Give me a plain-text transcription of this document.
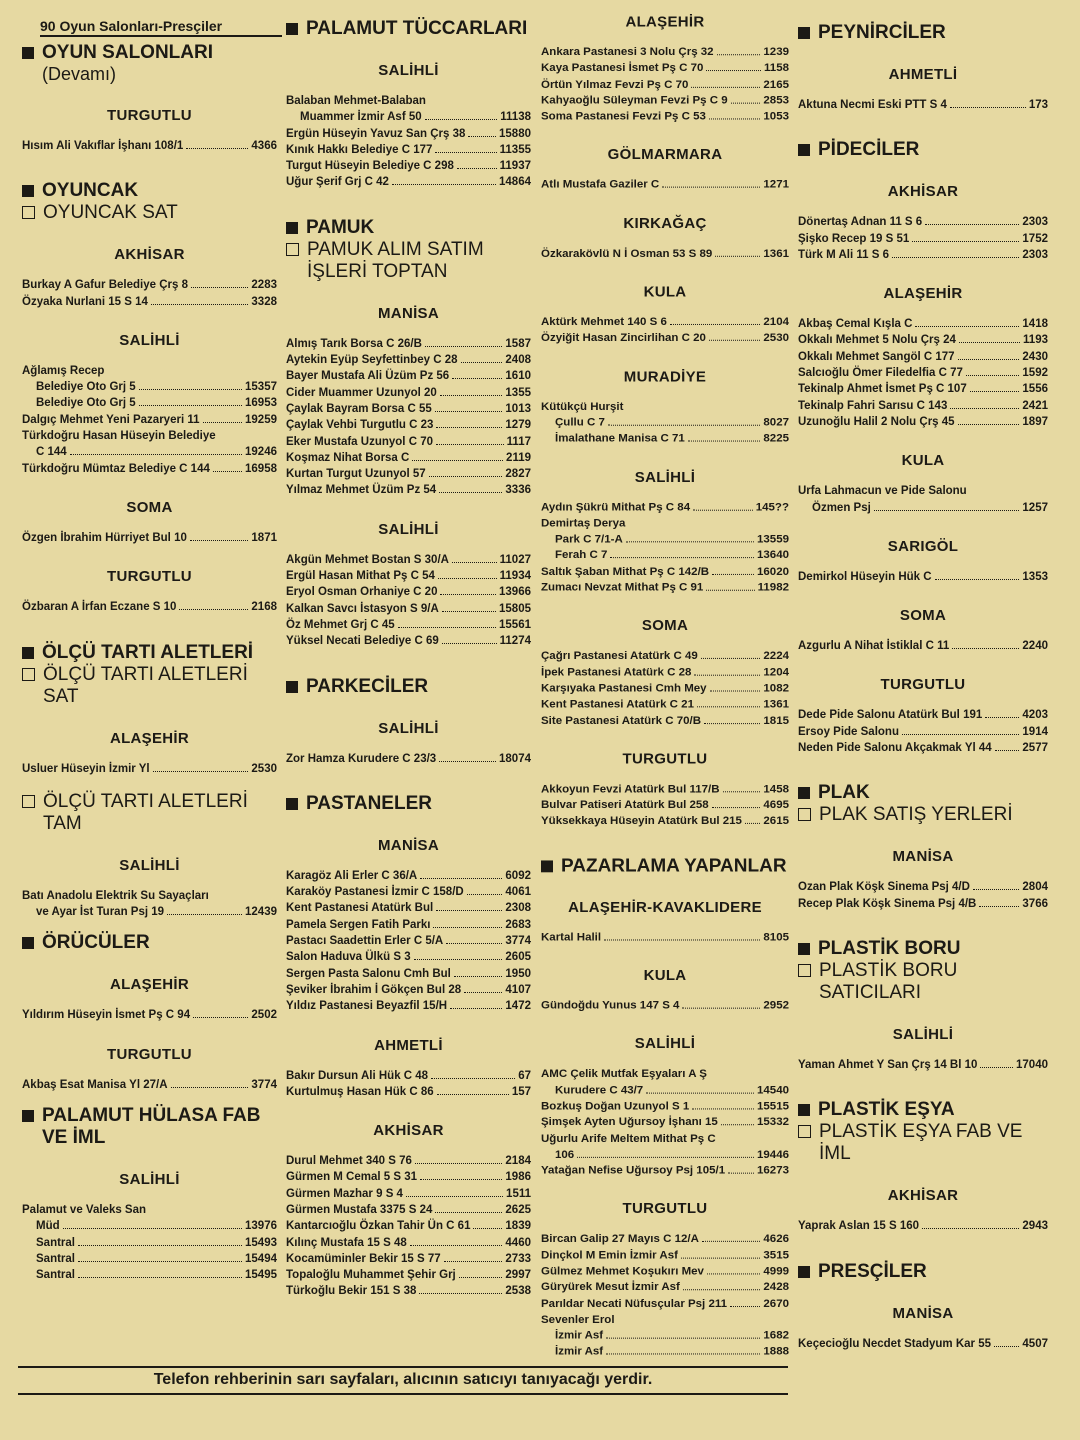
90 Oyun Salonları-Presçiler
OYUN SALONLARI
(Devamı)
TURGUTLU
Hısım Ali Vakıflar İşhanı 108/1	4366
OYUNCAK
OYUNCAK SAT
AKHİSAR
Burkay A Gafur Belediye Çrş 8	2283
Özyaka Nurlani 15 S 14	3328
SALİHLİ
Ağlamış Recep
Belediye Oto Grj 5	15357
Belediye Oto Grj 5	16953
Dalgıç Mehmet Yeni Pazaryeri 11	19259
Türkdoğru Hasan Hüseyin Belediye
C 144	19246
Türkdoğru Mümtaz Belediye C 144	16958
SOMA
Özgen İbrahim Hürriyet Bul 10	1871
TURGUTLU
Özbaran A İrfan Eczane S 10	2168
ÖLÇÜ TARTI ALETLERİ
ÖLÇÜ TARTI ALETLERİ SAT
ALAŞEHİR
Usluer Hüseyin İzmir Yl	2530
ÖLÇÜ TARTI ALETLERİ TAM
SALİHLİ
Batı Anadolu Elektrik Su Sayaçları
ve Ayar İst Turan Psj 19	12439
ÖRÜCÜLER
ALAŞEHİR
Yıldırım Hüseyin İsmet Pş C 94	2502
TURGUTLU
Akbaş Esat Manisa Yl 27/A	3774
PALAMUT HÜLASA FAB VE İML
SALİHLİ
Palamut ve Valeks San
Müd	13976
Santral	15493
Santral	15494
Santral	15495
PALAMUT TÜCCARLARI
SALİHLİ
Balaban Mehmet-Balaban
Muammer İzmir Asf 50	11138
Ergün Hüseyin Yavuz San Çrş 38	15880
Kınık Hakkı Belediye C 177	11355
Turgut Hüseyin Belediye C 298	11937
Uğur Şerif Grj C 42	14864
PAMUK
PAMUK ALIM SATIM İŞLERİ TOPTAN
MANİSA
Almış Tarık Borsa C 26/B	1587
Aytekin Eyüp Seyfettinbey C 28	2408
Bayer Mustafa Ali Üzüm Pz 56	1610
Cider Muammer Uzunyol 20	1355
Çaylak Bayram Borsa C 55	1013
Çaylak Vehbi Turgutlu C 23	1279
Eker Mustafa Uzunyol C 70	1117
Koşmaz Nihat Borsa C	2119
Kurtan Turgut Uzunyol 57	2827
Yılmaz Mehmet Üzüm Pz 54	3336
SALİHLİ
Akgün Mehmet Bostan S 30/A	11027
Ergül Hasan Mithat Pş C 54	11934
Eryol Osman Orhaniye C 20	13966
Kalkan Savcı İstasyon S 9/A	15805
Öz Mehmet Grj C 45	15561
Yüksel Necati Belediye C 69	11274
PARKECİLER
SALİHLİ
Zor Hamza Kurudere C 23/3	18074
PASTANELER
MANİSA
Karagöz Ali Erler C 36/A	6092
Karaköy Pastanesi İzmir C 158/D	4061
Kent Pastanesi Atatürk Bul	2308
Pamela Sergen Fatih Parkı	2683
Pastacı Saadettin Erler C 5/A	3774
Salon Haduva Ülkü S 3	2605
Sergen Pasta Salonu Cmh Bul	1950
Şeviker İbrahim İ Gökçen Bul 28	4107
Yıldız Pastanesi Beyazfil 15/H	1472
AHMETLİ
Bakır Dursun Ali Hük C 48	67
Kurtulmuş Hasan Hük C 86	157
AKHİSAR
Durul Mehmet 340 S 76	2184
Gürmen M Cemal 5 S 31	1986
Gürmen Mazhar 9 S 4	1511
Gürmen Mustafa 3375 S 24	2625
Kantarcıoğlu Özkan Tahir Ün C 61	1839
Kılınç Mustafa 15 S 48	4460
Kocamüminler Bekir 15 S 77	2733
Topaloğlu Muhammet Şehir Grj	2997
Türkoğlu Bekir 151 S 38	2538
ALAŞEHİR
Ankara Pastanesi 3 Nolu Çrş 32	1239
Kaya Pastanesi İsmet Pş C 70	1158
Örtün Yılmaz Fevzi Pş C 70	2165
Kahyaoğlu Süleyman Fevzi Pş C 9	2853
Soma Pastanesi Fevzi Pş C 53	1053
GÖLMARMARA
Atlı Mustafa Gaziler C	1271
KIRKAĞAÇ
Özkarakövlü N İ Osman 53 S 89	1361
KULA
Aktürk Mehmet 140 S 6	2104
Özyiğit Hasan Zincirlihan C 20	2530
MURADİYE
Kütükçü Hurşit
Çullu C 7	8027
İmalathane Manisa C 71	8225
SALİHLİ
Aydın Şükrü Mithat Pş C 84	145??
Demirtaş Derya
Park C 7/1-A	13559
Ferah C 7	13640
Saltık Şaban Mithat Pş C 142/B	16020
Zumacı Nevzat Mithat Pş C 91	11982
SOMA
Çağrı Pastanesi Atatürk C 49	2224
İpek Pastanesi Atatürk C 28	1204
Karşıyaka Pastanesi Cmh Mey	1082
Kent Pastanesi Atatürk C 21	1361
Site Pastanesi Atatürk C 70/B	1815
TURGUTLU
Akkoyun Fevzi Atatürk Bul 117/B	1458
Bulvar Patiseri Atatürk Bul 258	4695
Yüksekkaya Hüseyin Atatürk Bul 215 2615
PAZARLAMA YAPANLAR
ALAŞEHİR-KAVAKLIDERE
Kartal Halil	8105
KULA
Gündoğdu Yunus 147 S 4	2952
SALİHLİ
AMC Çelik Mutfak Eşyaları A Ş
Kurudere C 43/7	14540
Bozkuş Doğan Uzunyol S 1	15515
Şimşek Ayten Uğursoy İşhanı 15	15332
Uğurlu Arife Meltem Mithat Pş C
106	19446
Yatağan Nefise Uğursoy Psj 105/1	16273
TURGUTLU
Bircan Galip 27 Mayıs C 12/A	4626
Dinçkol M Emin İzmir Asf	3515
Gülmez Mehmet Koşukırı Mev	4999
Güryürek Mesut İzmir Asf	2428
Parıldar Necati Nüfusçular Psj 211	2670
Sevenler Erol
İzmir Asf	1682
İzmir Asf	1888
PEYNİRCİLER
AHMETLİ
Aktuna Necmi Eski PTT S 4	173
PİDECİLER
AKHİSAR
Dönertaş Adnan 11 S 6	2303
Şişko Recep 19 S 51	1752
Türk M Ali 11 S 6	2303
ALAŞEHİR
Akbaş Cemal Kışla C	1418
Okkalı Mehmet 5 Nolu Çrş 24	1193
Okkalı Mehmet Sangöl C 177	2430
Salcıoğlu Ömer Filedelfia C 77	1592
Tekinalp Ahmet İsmet Pş C 107	1556
Tekinalp Fahri Sarısu C 143	2421
Uzunoğlu Halil 2 Nolu Çrş 45	1897
KULA
Urfa Lahmacun ve Pide Salonu
Özmen Psj	1257
SARIGÖL
Demirkol Hüseyin Hük C	1353
SOMA
Azgurlu A Nihat İstiklal C 11	2240
TURGUTLU
Dede Pide Salonu Atatürk Bul 191	4203
Ersoy Pide Salonu	1914
Neden Pide Salonu Akçakmak Yl 44	2577
PLAK
PLAK SATIŞ YERLERİ
MANİSA
Ozan Plak Köşk Sinema Psj 4/D	2804
Recep Plak Köşk Sinema Psj 4/B	3766
PLASTİK BORU
PLASTİK BORU SATICILARI
SALİHLİ
Yaman Ahmet Y San Çrş 14 Bl 10	17040
PLASTİK EŞYA
PLASTİK EŞYA FAB VE İML
AKHİSAR
Yaprak Aslan 15 S 160	2943
PRESÇİLER
MANİSA
Keçecioğlu Necdet Stadyum Kar 55	4507
Telefon rehberinin sarı sayfaları, alıcının satıcıyı tanıyacağı yerdir.
